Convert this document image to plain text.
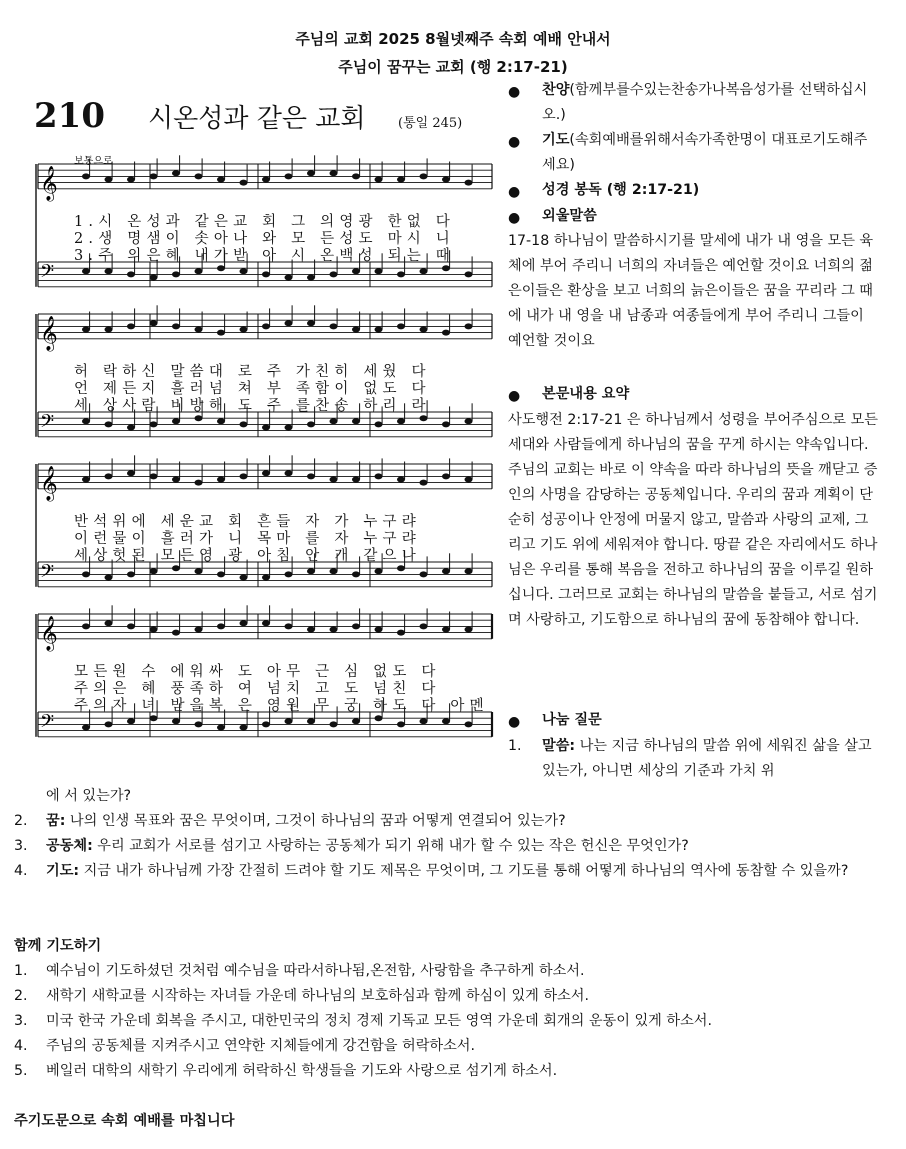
주님의 교회 2025 8월넷째주 속회 예배 안내서
주님이 꿈꾸는 교회 (행 2:17-21)
𝄞
𝄢
𝄞
𝄢
𝄞
𝄢
𝄞
𝄢
210 시온성과 같은 교회	(통일 245)
보통으로
1.시 온성과 같은교 회 그 의영광 한없 다
2.생 명샘이 솟아나 와 모 든성도 마시 니
3.주 의은혜 내가받 아 시 온백성 되는 때
허 락하신 말씀대 로 주 가친히 세웠 다
언 제든지 흘러넘 쳐 부 족함이 없도 다
세 상사람 비방해 도 주 를찬송 하리 라
반석위에 세운교 회 흔들 자 가 누구랴
이런물이 흘러가 니 목마 를 자 누구랴
세상헛된 모든영 광 아침 안 개 같으나
모든원 수 에워싸 도 아무 근 심 없도 다
주의은 혜 풍족하 여 넘치 고 도 넘친 다
주의자 녀 받을복 은 영원 무 궁 하도 다 아멘
● 찬양(함께부를수있는찬송가나복음성가를 선택하십시오.)
● 기도(속회예배를위해서속가족한명이 대표로기도해주세요)
● 성경 봉독 (행 2:17-21)
● 외울말씀
17-18 하나님이 말씀하시기를 말세에 내가 내 영을 모든 육체에 부어 주리니 너희의 자녀들은 예언할 것이요 너희의 젊은이들은 환상을 보고 너희의 늙은이들은 꿈을 꾸리라 그 때에 내가 내 영을 내 남종과 여종들에게 부어 주리니 그들이 예언할 것이요
● 본문내용 요약
사도행전 2:17-21 은 하나님께서 성령을 부어주심으로 모든 세대와 사람들에게 하나님의 꿈을 꾸게 하시는 약속입니다. 주님의 교회는 바로 이 약속을 따라 하나님의 뜻을 깨닫고 증인의 사명을 감당하는 공동체입니다. 우리의 꿈과 계획이 단순히 성공이나 안정에 머물지 않고, 말씀과 사랑의 교제, 그리고 기도 위에 세워져야 합니다. 땅끝 같은 자리에서도 하나님은 우리를 통해 복음을 전하고 하나님의 꿈을 이루길 원하십니다. 그러므로 교회는 하나님의 말씀을 붙들고, 서로 섬기며 사랑하고, 기도함으로 하나님의 꿈에 동참해야 합니다.
● 나눔 질문
1. 말씀: 나는 지금 하나님의 말씀 위에 세워진 삶을 살고 있는가, 아니면 세상의 기준과 가치 위
에 서 있는가?
2. 꿈: 나의 인생 목표와 꿈은 무엇이며, 그것이 하나님의 꿈과 어떻게 연결되어 있는가?
3. 공동체: 우리 교회가 서로를 섬기고 사랑하는 공동체가 되기 위해 내가 할 수 있는 작은 헌신은 무엇인가?
4. 기도: 지금 내가 하나님께 가장 간절히 드려야 할 기도 제목은 무엇이며, 그 기도를 통해 어떻게 하나님의 역사에 동참할 수 있을까?
함께 기도하기
1. 예수님이 기도하셨던 것처럼 예수님을 따라서하나됨,온전함, 사랑함을 추구하게 하소서.
2. 새학기 새학교를 시작하는 자녀들 가운데 하나님의 보호하심과 함께 하심이 있게 하소서.
3. 미국 한국 가운데 회복을 주시고, 대한민국의 정치 경제 기독교 모든 영역 가운데 회개의 운동이 있게 하소서.
4. 주님의 공동체를 지켜주시고 연약한 지체들에게 강건함을 허락하소서.
5. 베일러 대학의 새학기 우리에게 허락하신 학생들을 기도와 사랑으로 섬기게 하소서.
주기도문으로 속회 예배를 마칩니다
